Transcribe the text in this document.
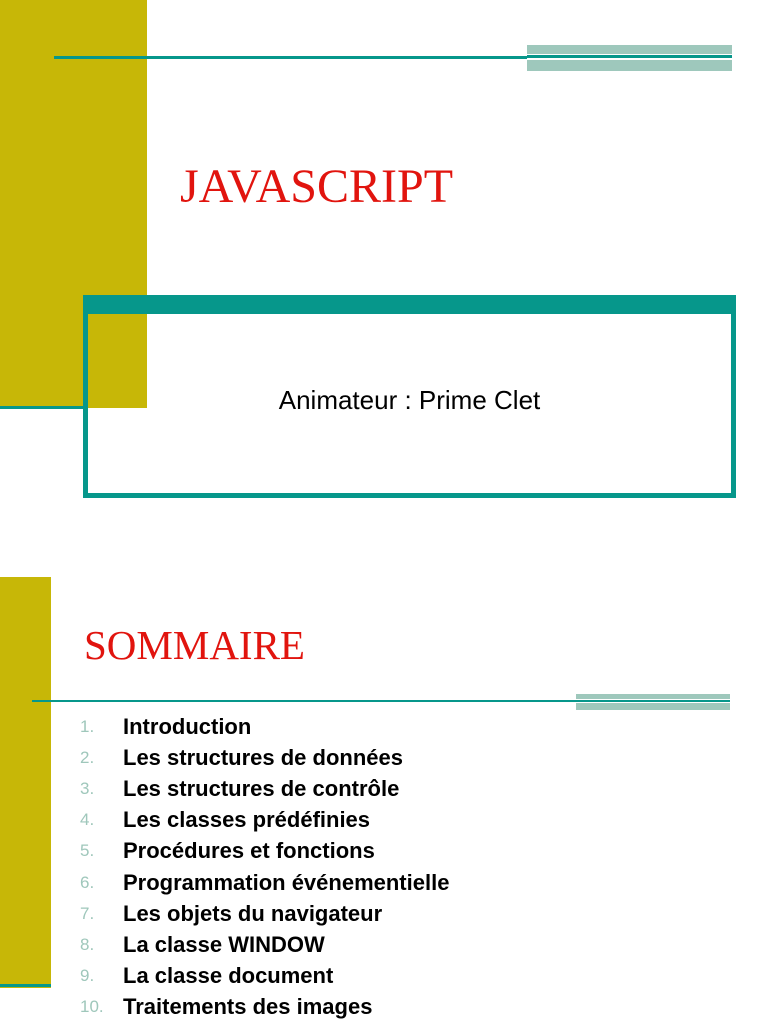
JAVASCRIPT
Animateur : Prime Clet
SOMMAIRE
1.	Introduction
2.	Les structures de données
3.	Les structures de contrôle
4.	Les classes prédéfinies
5.	Procédures et fonctions
6.	Programmation événementielle
7.	Les objets du navigateur
8.	La classe WINDOW
9.	La classe document
10. Traitements des images
